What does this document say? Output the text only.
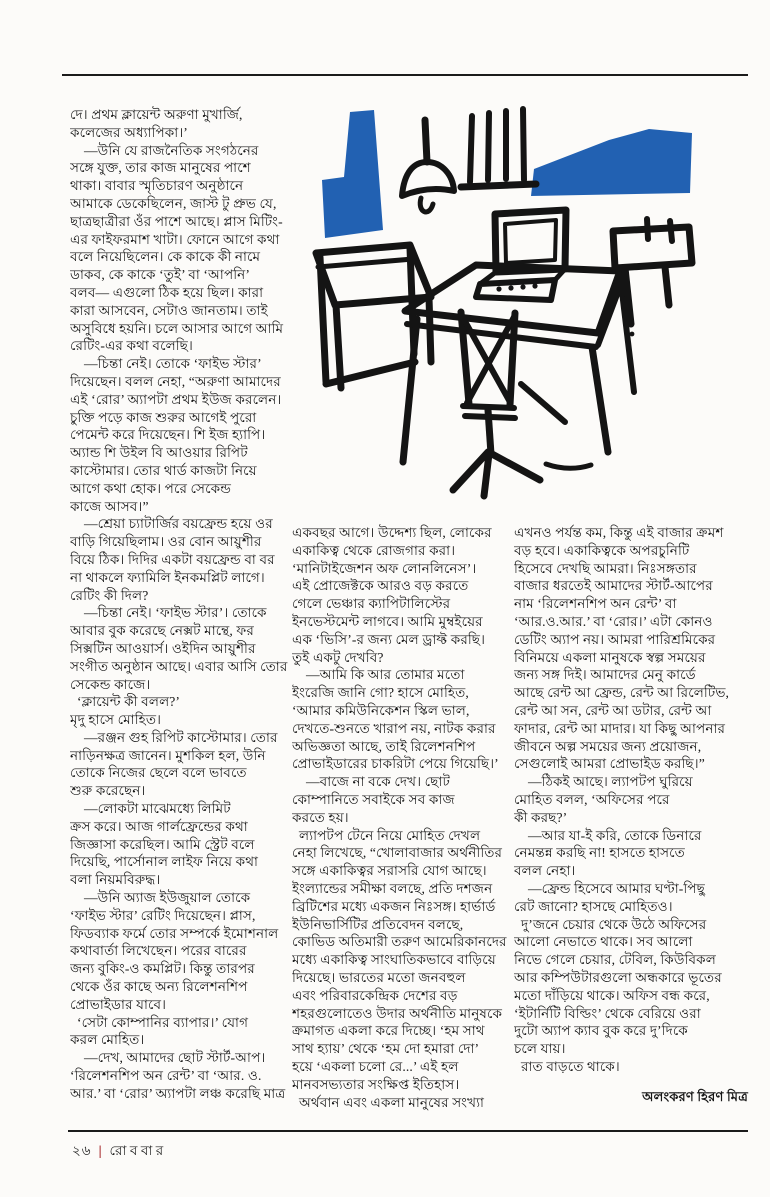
দে। প্রথম ক্লায়েন্ট অরুণা মুখার্জি,
কলেজের অধ্যাপিকা।’
—উনি যে রাজনৈতিক সংগঠনের
সঙ্গে যুক্ত, তার কাজ মানুষের পাশে
থাকা। বাবার স্মৃতিচারণ অনুষ্ঠানে
আমাকে ডেকেছিলেন, জাস্ট টু প্রুভ যে,
ছাত্রছাত্রীরা ওঁর পাশে আছে। প্লাস মিটিং-
এর ফাইফরমাশ খাটা। ফোনে আগে কথা
বলে নিয়েছিলেন। কে কাকে কী নামে
ডাকব, কে কাকে ‘তুই’ বা ‘আপনি’
বলব— এগুলো ঠিক হয়ে ছিল। কারা
কারা আসবেন, সেটাও জানতাম। তাই
অসুবিধে হয়নি। চলে আসার আগে আমি
রেটিং-এর কথা বলেছি।
—চিন্তা নেই। তোকে ‘ফাইভ স্টার’
দিয়েছেন। বলল নেহা, “অরুণা আমাদের
এই ‘রোর’ অ্যাপটা প্রথম ইউজ করলেন।
চুক্তি পড়ে কাজ শুরুর আগেই পুরো
পেমেন্ট করে দিয়েছেন। শি ইজ হ্যাপি।
অ্যান্ড শি উইল বি আওয়ার রিপিট
কাস্টোমার। তোর থার্ড কাজটা নিয়ে
আগে কথা হোক। পরে সেকেন্ড
কাজে আসব।”
—শ্রেয়া চ্যাটার্জির বয়ফ্রেন্ড হয়ে ওর
বাড়ি গিয়েছিলাম। ওর বোন আয়ুশীর
বিয়ে ঠিক। দিদির একটা বয়ফ্রেন্ড বা বর
না থাকলে ফ্যামিলি ইনকমপ্লিট লাগে।
রেটিং কী দিল?
—চিন্তা নেই। ‘ফাইভ স্টার’। তোকে
আবার বুক করেছে নেক্সট মান্থে, ফর
সিক্সটিন আওয়ার্স। ওইদিন আয়ুশীর
সংগীত অনুষ্ঠান আছে। এবার আসি তোর
সেকেন্ড কাজে।
‘ক্লায়েন্ট কী বলল?’
মৃদু হাসে মোহিত।
—রঞ্জন গুহ রিপিট কাস্টোমার। তোর
নাড়িনক্ষত্র জানেন। মুশকিল হল, উনি
তোকে নিজের ছেলে বলে ভাবতে
শুরু করেছেন।
—লোকটা মাঝেমধ্যে লিমিট
ক্রস করে। আজ গার্লফ্রেন্ডের কথা
জিজ্ঞাসা করেছিল। আমি স্ট্রেট বলে
দিয়েছি, পার্সোনাল লাইফ নিয়ে কথা
বলা নিয়মবিরুদ্ধ।
—উনি অ্যাজ ইউজুয়াল তোকে
‘ফাইভ স্টার’ রেটিং দিয়েছেন। প্লাস,
ফিডব্যাক ফর্মে তোর সম্পর্কে ইমোশনাল
কথাবার্তা লিখেছেন। পরের বারের
জন্য বুকিং-ও কমপ্লিট। কিন্তু তারপর
থেকে ওঁর কাছে অন্য রিলেশনশিপ
প্রোভাইডার যাবে।
‘সেটা কোম্পানির ব্যাপার।’ যোগ
করল মোহিত।
—দেখ, আমাদের ছোট স্টার্ট-আপ।
‘রিলেশনশিপ অন রেন্ট’ বা ‘আর. ও.
আর.’ বা ‘রোর’ অ্যাপটা লঞ্চ করেছি মাত্র
একবছর আগে। উদ্দেশ্য ছিল, লোকের
একাকিত্ব থেকে রোজগার করা।
‘মানিটাইজেশন অফ লোনলিনেস’।
এই প্রোজেক্টকে আরও বড় করতে
গেলে ভেঞ্চার ক্যাপিটালিস্টের
ইনভেস্টমেন্ট লাগবে। আমি মুম্বইয়ের
এক ‘ভিসি’-র জন্য মেল ড্রাফ্ট করছি।
তুই একটু দেখবি?
—আমি কি আর তোমার মতো
ইংরেজি জানি গো? হাসে মোহিত,
‘আমার কমিউনিকেশন স্কিল ভাল,
দেখতে-শুনতে খারাপ নয়, নাটক করার
অভিজ্ঞতা আছে, তাই রিলেশনশিপ
প্রোভাইডারের চাকরিটা পেয়ে গিয়েছি।’
—বাজে না বকে দেখ। ছোট
কোম্পানিতে সবাইকে সব কাজ
করতে হয়।
ল্যাপটপ টেনে নিয়ে মোহিত দেখল
নেহা লিখেছে, “খোলাবাজার অর্থনীতির
সঙ্গে একাকিত্বর সরাসরি যোগ আছে।
ইংল্যান্ডের সমীক্ষা বলছে, প্রতি দশজন
ব্রিটিশের মধ্যে একজন নিঃসঙ্গ। হার্ভার্ড
ইউনিভার্সিটির প্রতিবেদন বলছে,
কোভিড অতিমারী তরুণ আমেরিকানদের
মধ্যে একাকিত্ব সাংঘাতিকভাবে বাড়িয়ে
দিয়েছে। ভারতের মতো জনবহুল
এবং পরিবারকেন্দ্রিক দেশের বড়
শহরগুলোতেও উদার অর্থনীতি মানুষকে
ক্রমাগত একলা করে দিচ্ছে। ‘হম সাথ
সাথ হ্যায়’ থেকে ‘হম দো হমারা দো’
হয়ে ‘একলা চলো রে...’ এই হল
মানবসভ্যতার সংক্ষিপ্ত ইতিহাস।
অর্থবান এবং একলা মানুষের সংখ্যা
এখনও পর্যন্ত কম, কিন্তু এই বাজার ক্রমশ
বড় হবে। একাকিত্বকে অপরচুনিটি
হিসেবে দেখছি আমরা। নিঃসঙ্গতার
বাজার ধরতেই আমাদের স্টার্ট-আপের
নাম ‘রিলেশনশিপ অন রেন্ট’ বা
‘আর.ও.আর.’ বা ‘রোর।’ এটা কোনও
ডেটিং অ্যাপ নয়। আমরা পারিশ্রমিকের
বিনিময়ে একলা মানুষকে স্বল্প সময়ের
জন্য সঙ্গ দিই। আমাদের মেনু কার্ডে
আছে রেন্ট আ ফ্রেন্ড, রেন্ট আ রিলেটিভ,
রেন্ট আ সন, রেন্ট আ ডটার, রেন্ট আ
ফাদার, রেন্ট আ মাদার। যা কিছু আপনার
জীবনে অল্প সময়ের জন্য প্রয়োজন,
সেগুলোই আমরা প্রোভাইড করছি।”
—ঠিকই আছে। ল্যাপটপ ঘুরিয়ে
মোহিত বলল, ‘অফিসের পরে
কী করছ?’
—আর যা-ই করি, তোকে ডিনারে
নেমন্তন্ন করছি না! হাসতে হাসতে
বলল নেহা।
—ফ্রেন্ড হিসেবে আমার ঘণ্টা-পিছু
রেট জানো? হাসছে মোহিতও।
দু’জনে চেয়ার থেকে উঠে অফিসের
আলো নেভাতে থাকে। সব আলো
নিভে গেলে চেয়ার, টেবিল, কিউবিকল
আর কম্পিউটারগুলো অন্ধকারে ভূতের
মতো দাঁড়িয়ে থাকে। অফিস বন্ধ করে,
‘ইটার্নিটি বিল্ডিং’ থেকে বেরিয়ে ওরা
দুটো অ্যাপ ক্যাব বুক করে দু’দিকে
চলে যায়।
রাত বাড়তে থাকে।
অলংকরণ হিরণ মিত্র
২৬ | রোববার
